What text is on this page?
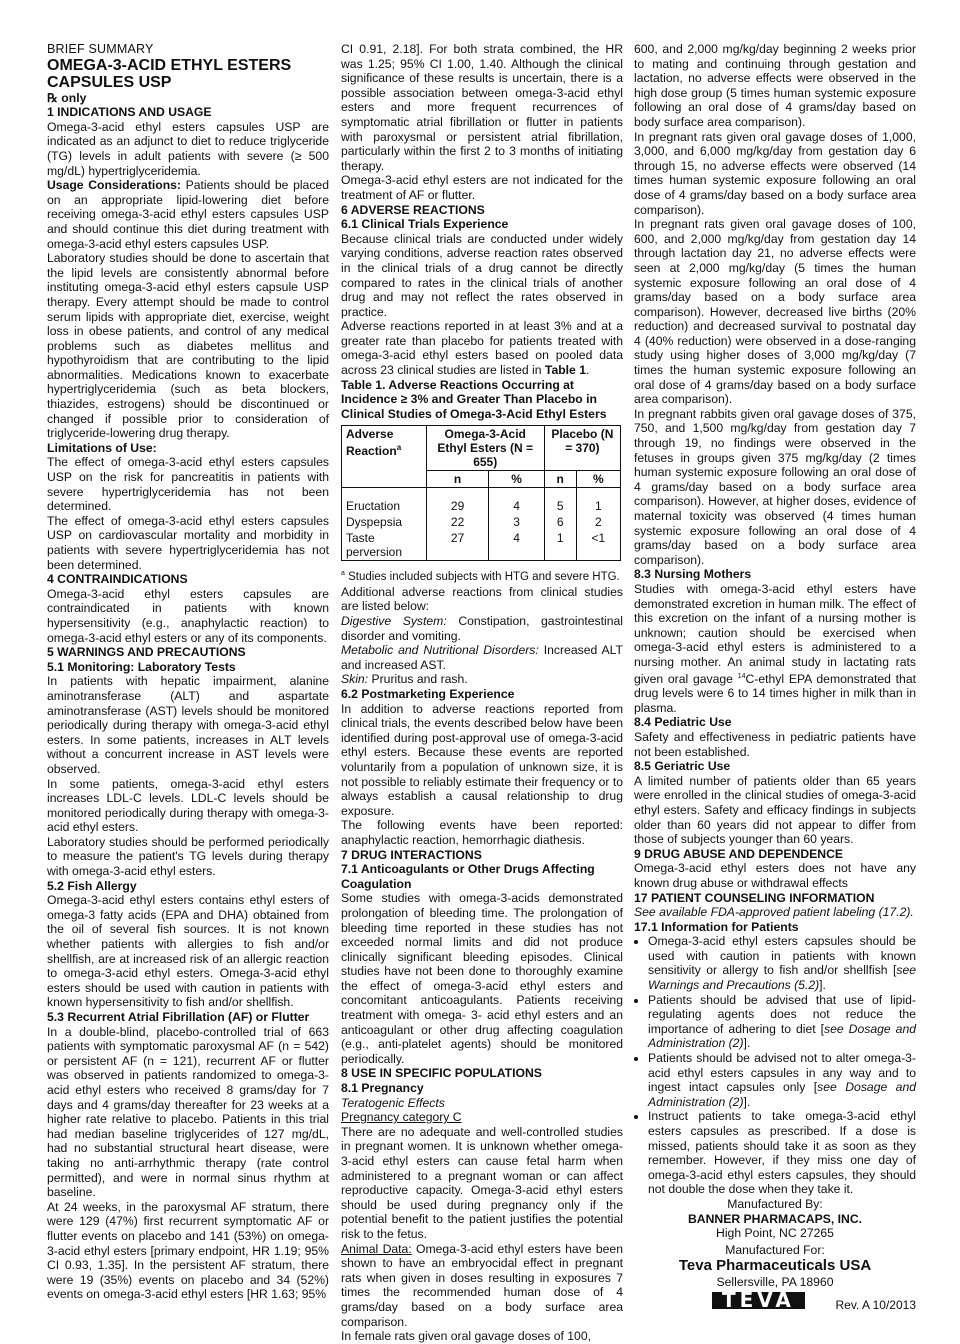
BRIEF SUMMARY
OMEGA-3-ACID ETHYL ESTERS
CAPSULES USP
℞ only
1 INDICATIONS AND USAGE

Omega-3-acid ethyl esters capsules USP are indicated as an adjunct to diet to reduce triglyceride (TG) levels in adult patients with severe (≥ 500 mg/dL) hypertriglyceridemia.

Usage Considerations: Patients should be placed on an appropriate lipid-lowering diet before receiving omega-3-acid ethyl esters capsules USP and should continue this diet during treatment with omega-3-acid ethyl esters capsules USP.

Laboratory studies should be done to ascertain that the lipid levels are consistently abnormal before instituting omega-3-acid ethyl esters capsule USP therapy. Every attempt should be made to control serum lipids with appropriate diet, exercise, weight loss in obese patients, and control of any medical problems such as diabetes mellitus and hypothyroidism that are contributing to the lipid abnormalities. Medications known to exacerbate hypertriglyceridemia (such as beta blockers, thiazides, estrogens) should be discontinued or changed if possible prior to consideration of triglyceride-lowering drug therapy.

Limitations of Use:

The effect of omega-3-acid ethyl esters capsules USP on the risk for pancreatitis in patients with severe hypertriglyceridemia has not been determined.

The effect of omega-3-acid ethyl esters capsules USP on cardiovascular mortality and morbidity in patients with severe hypertriglyceridemia has not been determined.

4 CONTRAINDICATIONS

Omega-3-acid ethyl esters capsules are contraindicated in patients with known hypersensitivity (e.g., anaphylactic reaction) to omega-3-acid ethyl esters or any of its components.

5 WARNINGS AND PRECAUTIONS
5.1 Monitoring: Laboratory Tests

In patients with hepatic impairment, alanine aminotransferase (ALT) and aspartate aminotransferase (AST) levels should be monitored periodically during therapy with omega-3-acid ethyl esters. In some patients, increases in ALT levels without a concurrent increase in AST levels were observed.

In some patients, omega-3-acid ethyl esters increases LDL-C levels. LDL-C levels should be monitored periodically during therapy with omega-3-acid ethyl esters.

Laboratory studies should be performed periodically to measure the patient's TG levels during therapy with omega-3-acid ethyl esters.

5.2 Fish Allergy

Omega-3-acid ethyl esters contains ethyl esters of omega-3 fatty acids (EPA and DHA) obtained from the oil of several fish sources. It is not known whether patients with allergies to fish and/or shellfish, are at increased risk of an allergic reaction to omega-3-acid ethyl esters. Omega-3-acid ethyl esters should be used with caution in patients with known hypersensitivity to fish and/or shellfish.

5.3 Recurrent Atrial Fibrillation (AF) or Flutter

In a double-blind, placebo-controlled trial of 663 patients with symptomatic paroxysmal AF (n = 542) or persistent AF (n = 121), recurrent AF or flutter was observed in patients randomized to omega-3-acid ethyl esters who received 8 grams/day for 7 days and 4 grams/day thereafter for 23 weeks at a higher rate relative to placebo. Patients in this trial had median baseline triglycerides of 127 mg/dL, had no substantial structural heart disease, were taking no anti-arrhythmic therapy (rate control permitted), and were in normal sinus rhythm at baseline.

At 24 weeks, in the paroxysmal AF stratum, there were 129 (47%) first recurrent symptomatic AF or flutter events on placebo and 141 (53%) on omega-3-acid ethyl esters [primary endpoint, HR 1.19; 95% CI 0.93, 1.35]. In the persistent AF stratum, there were 19 (35%) events on placebo and 34 (52%) events on omega-3-acid ethyl esters [HR 1.63; 95%

CI 0.91, 2.18]. For both strata combined, the HR was 1.25; 95% CI 1.00, 1.40. Although the clinical significance of these results is uncertain, there is a possible association between omega-3-acid ethyl esters and more frequent recurrences of symptomatic atrial fibrillation or flutter in patients with paroxysmal or persistent atrial fibrillation, particularly within the first 2 to 3 months of initiating therapy.

Omega-3-acid ethyl esters are not indicated for the treatment of AF or flutter.

6 ADVERSE REACTIONS
6.1 Clinical Trials Experience

Because clinical trials are conducted under widely varying conditions, adverse reaction rates observed in the clinical trials of a drug cannot be directly compared to rates in the clinical trials of another drug and may not reflect the rates observed in practice.

Adverse reactions reported in at least 3% and at a greater rate than placebo for patients treated with omega-3-acid ethyl esters based on pooled data across 23 clinical studies are listed in Table 1.

Table 1. Adverse Reactions Occurring at Incidence ≥ 3% and Greater Than Placebo in Clinical Studies of Omega-3-Acid Ethyl Esters
Adverse Reaction$^a$	Omega-3-Acid Ethyl Esters (N = 655)		Placebo (N = 370)	
	n	%	n	%

Eructation	29	4	5	1
Dyspepsia	22	3	6	2
Taste perversion	27	4	1	<1

$^a$ Studies included subjects with HTG and severe HTG.

Additional adverse reactions from clinical studies are listed below:

Digestive System: Constipation, gastrointestinal disorder and vomiting.

Metabolic and Nutritional Disorders: Increased ALT and increased AST.

Skin: Pruritus and rash.

6.2 Postmarketing Experience

In addition to adverse reactions reported from clinical trials, the events described below have been identified during post-approval use of omega-3-acid ethyl esters. Because these events are reported voluntarily from a population of unknown size, it is not possible to reliably estimate their frequency or to always establish a causal relationship to drug exposure.

The following events have been reported: anaphylactic reaction, hemorrhagic diathesis.

7 DRUG INTERACTIONS
7.1 Anticoagulants or Other Drugs Affecting Coagulation

Some studies with omega-3-acids demonstrated prolongation of bleeding time. The prolongation of bleeding time reported in these studies has not exceeded normal limits and did not produce clinically significant bleeding episodes. Clinical studies have not been done to thoroughly examine the effect of omega-3-acid ethyl esters and concomitant anticoagulants. Patients receiving treatment with omega- 3- acid ethyl esters and an anticoagulant or other drug affecting coagulation (e.g., anti-platelet agents) should be monitored periodically.

8 USE IN SPECIFIC POPULATIONS
8.1 Pregnancy
Teratogenic Effects
Pregnancy category C

There are no adequate and well-controlled studies in pregnant women. It is unknown whether omega-3-acid ethyl esters can cause fetal harm when administered to a pregnant woman or can affect reproductive capacity. Omega-3-acid ethyl esters should be used during pregnancy only if the potential benefit to the patient justifies the potential risk to the fetus.

Animal Data: Omega-3-acid ethyl esters have been shown to have an embryocidal effect in pregnant rats when given in doses resulting in exposures 7 times the recommended human dose of 4 grams/day based on a body surface area comparison.

In female rats given oral gavage doses of 100,

600, and 2,000 mg/kg/day beginning 2 weeks prior to mating and continuing through gestation and lactation, no adverse effects were observed in the high dose group (5 times human systemic exposure following an oral dose of 4 grams/day based on body surface area comparison).

In pregnant rats given oral gavage doses of 1,000, 3,000, and 6,000 mg/kg/day from gestation day 6 through 15, no adverse effects were observed (14 times human systemic exposure following an oral dose of 4 grams/day based on a body surface area comparison).

In pregnant rats given oral gavage doses of 100, 600, and 2,000 mg/kg/day from gestation day 14 through lactation day 21, no adverse effects were seen at 2,000 mg/kg/day (5 times the human systemic exposure following an oral dose of 4 grams/day based on a body surface area comparison). However, decreased live births (20% reduction) and decreased survival to postnatal day 4 (40% reduction) were observed in a dose-ranging study using higher doses of 3,000 mg/kg/day (7 times the human systemic exposure following an oral dose of 4 grams/day based on a body surface area comparison).

In pregnant rabbits given oral gavage doses of 375, 750, and 1,500 mg/kg/day from gestation day 7 through 19, no findings were observed in the fetuses in groups given 375 mg/kg/day (2 times human systemic exposure following an oral dose of 4 grams/day based on a body surface area comparison). However, at higher doses, evidence of maternal toxicity was observed (4 times human systemic exposure following an oral dose of 4 grams/day based on a body surface area comparison).

8.3 Nursing Mothers

Studies with omega-3-acid ethyl esters have demonstrated excretion in human milk. The effect of this excretion on the infant of a nursing mother is unknown; caution should be exercised when omega-3-acid ethyl esters is administered to a nursing mother. An animal study in lactating rats given oral gavage $^{14}$C-ethyl EPA demonstrated that drug levels were 6 to 14 times higher in milk than in plasma.

8.4 Pediatric Use

Safety and effectiveness in pediatric patients have not been established.

8.5 Geriatric Use

A limited number of patients older than 65 years were enrolled in the clinical studies of omega-3-acid ethyl esters. Safety and efficacy findings in subjects older than 60 years did not appear to differ from those of subjects younger than 60 years.

9 DRUG ABUSE AND DEPENDENCE

Omega-3-acid ethyl esters does not have any known drug abuse or withdrawal effects

17 PATIENT COUNSELING INFORMATION

See available FDA-approved patient labeling (17.2).

17.1 Information for Patients
• Omega-3-acid ethyl esters capsules should be used with caution in patients with known sensitivity or allergy to fish and/or shellfish [see Warnings and Precautions (5.2)].
• Patients should be advised that use of lipid-regulating agents does not reduce the importance of adhering to diet [see Dosage and Administration (2)].
• Patients should be advised not to alter omega-3-acid ethyl esters capsules in any way and to ingest intact capsules only [see Dosage and Administration (2)].
• Instruct patients to take omega-3-acid ethyl esters capsules as prescribed. If a dose is missed, patients should take it as soon as they remember. However, if they miss one day of omega-3-acid ethyl esters capsules, they should not double the dose when they take it.
Manufactured By:
BANNER PHARMACAPS, INC.
High Point, NC 27265
Manufactured For:
Teva Pharmaceuticals USA
Sellersville, PA 18960
TEVA	Rev. A 10/2013
